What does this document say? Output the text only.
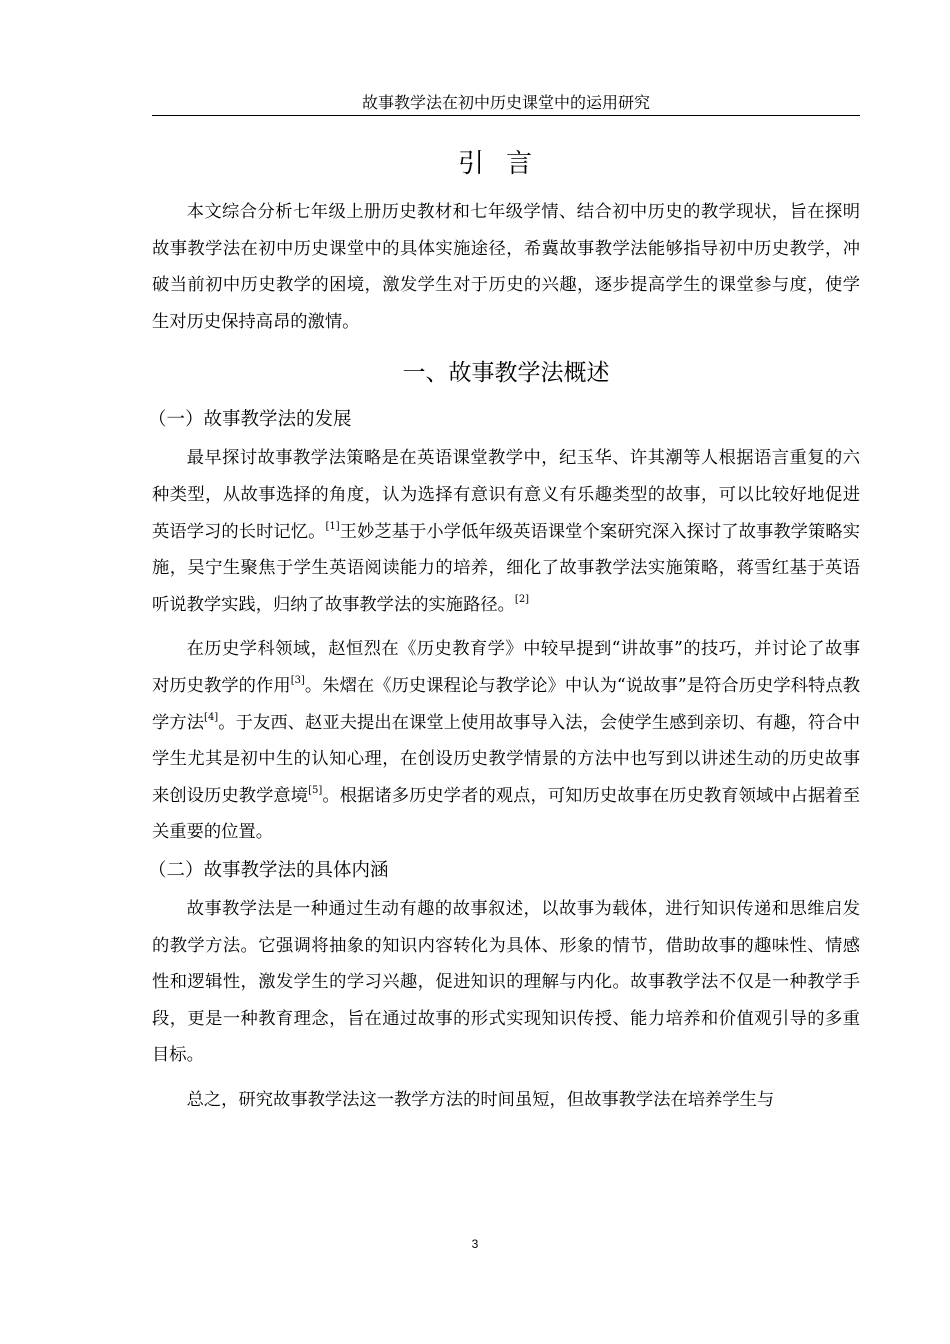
故事教学法在初中历史课堂中的运用研究
引言

本文综合分析七年级上册历史教材和七年级学情、结合初中历史的教学现状，旨在探明故事教学法在初中历史课堂中的具体实施途径，希冀故事教学法能够指导初中历史教学，冲破当前初中历史教学的困境，激发学生对于历史的兴趣，逐步提高学生的课堂参与度，使学生对历史保持高昂的激情。

一、故事教学法概述
（一）故事教学法的发展

最早探讨故事教学法策略是在英语课堂教学中，纪玉华、许其潮等人根据语言重复的六种类型，从故事选择的角度，认为选择有意识有意义有乐趣类型的故事，可以比较好地促进英语学习的长时记忆。[1]王妙芝基于小学低年级英语课堂个案研究深入探讨了故事教学策略实施，吴宁生聚焦于学生英语阅读能力的培养，细化了故事教学法实施策略，蒋雪红基于英语听说教学实践，归纳了故事教学法的实施路径。[2]

在历史学科领域，赵恒烈在《历史教育学》中较早提到“讲故事”的技巧，并讨论了故事对历史教学的作用[3]。朱熠在《历史课程论与教学论》中认为“说故事”是符合历史学科特点教学方法[4]。于友西、赵亚夫提出在课堂上使用故事导入法，会使学生感到亲切、有趣，符合中学生尤其是初中生的认知心理，在创设历史教学情景的方法中也写到以讲述生动的历史故事来创设历史教学意境[5]。根据诸多历史学者的观点，可知历史故事在历史教育领域中占据着至关重要的位置。

（二）故事教学法的具体内涵

故事教学法是一种通过生动有趣的故事叙述，以故事为载体，进行知识传递和思维启发的教学方法。它强调将抽象的知识内容转化为具体、形象的情节，借助故事的趣味性、情感性和逻辑性，激发学生的学习兴趣，促进知识的理解与内化。故事教学法不仅是一种教学手段，更是一种教育理念，旨在通过故事的形式实现知识传授、能力培养和价值观引导的多重目标。

总之，研究故事教学法这一教学方法的时间虽短，但故事教学法在培养学生与

3
